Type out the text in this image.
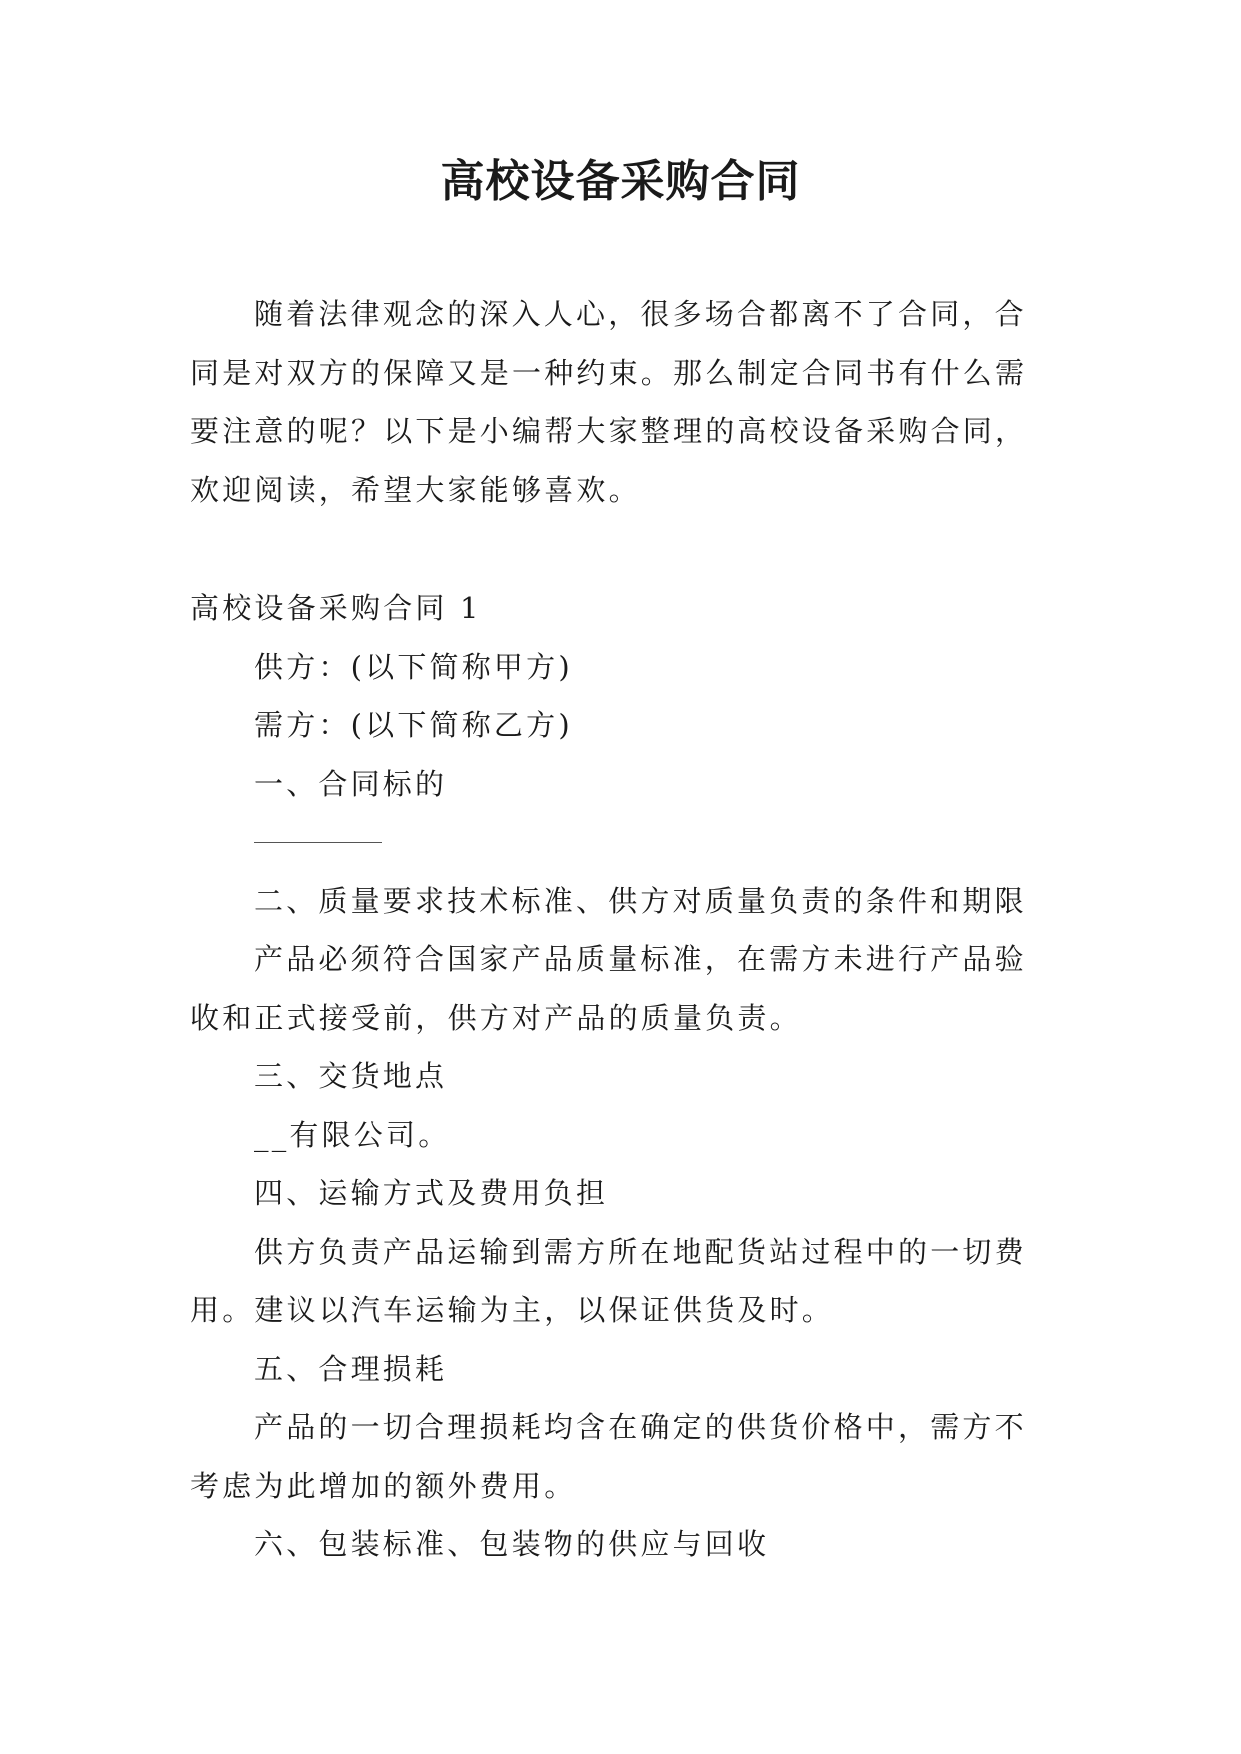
高校设备采购合同

随着法律观念的深入人心，很多场合都离不了合同，合同是对双方的保障又是一种约束。那么制定合同书有什么需要注意的呢？以下是小编帮大家整理的高校设备采购合同，欢迎阅读，希望大家能够喜欢。

高校设备采购合同 1

供方：(以下简称甲方)

需方：(以下简称乙方)

一、合同标的

二、质量要求技术标准、供方对质量负责的条件和期限

产品必须符合国家产品质量标准，在需方未进行产品验收和正式接受前，供方对产品的质量负责。

三、交货地点

__有限公司。

四、运输方式及费用负担

供方负责产品运输到需方所在地配货站过程中的一切费用。建议以汽车运输为主，以保证供货及时。

五、合理损耗

产品的一切合理损耗均含在确定的供货价格中，需方不考虑为此增加的额外费用。

六、包装标准、包装物的供应与回收
